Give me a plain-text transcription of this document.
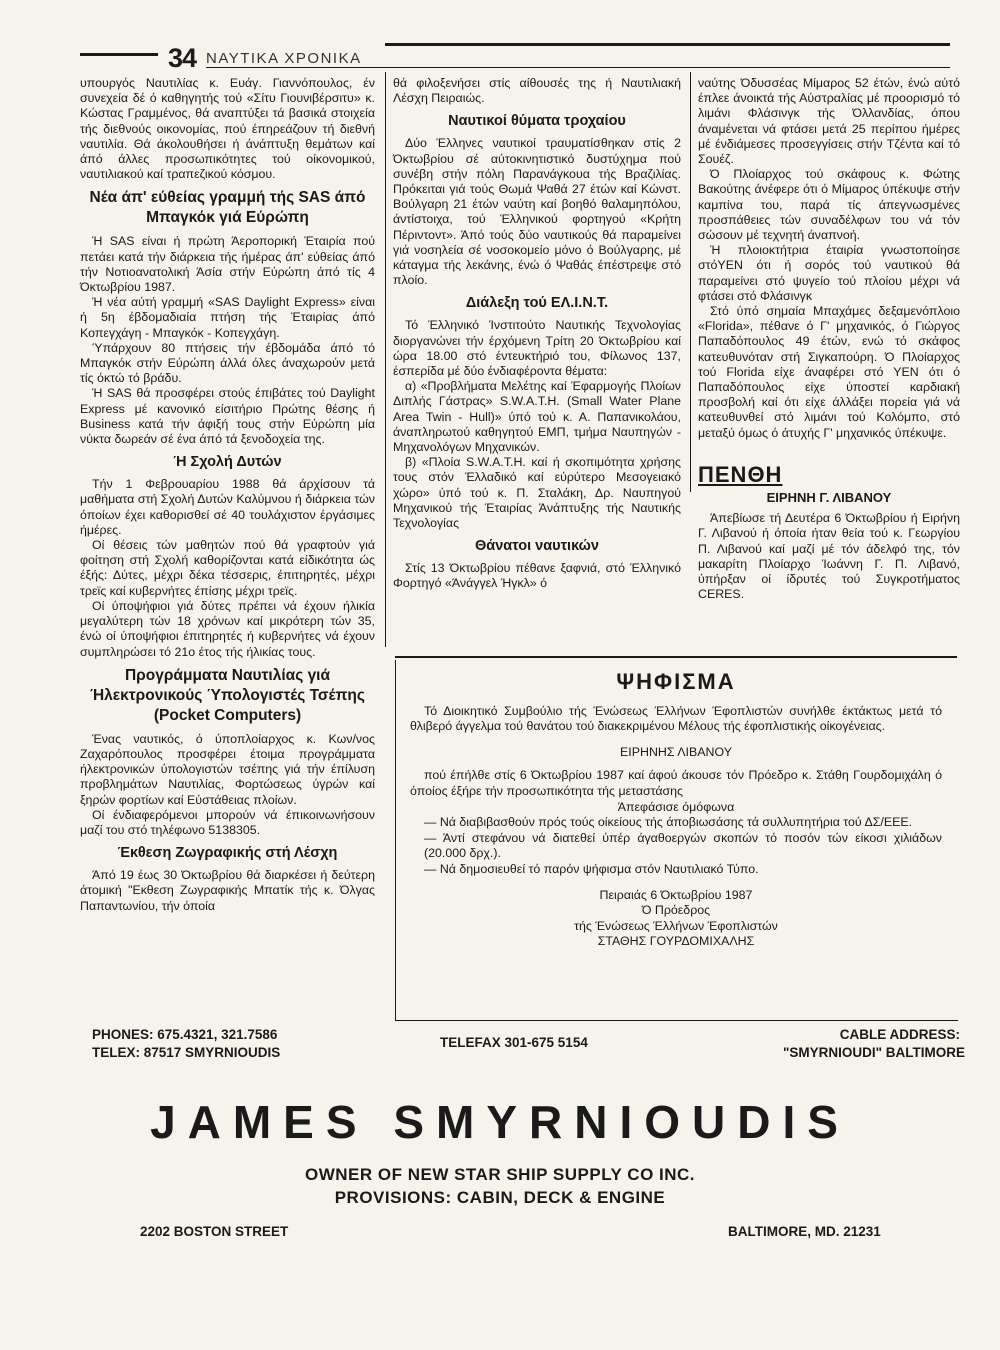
34 ΝΑΥΤΙΚΑ ΧΡΟΝΙΚΑ

υπουργός Ναυτιλίας κ. Ευάγ. Γιαννόπουλος, έν συνεχεία δέ ό καθηγητής τού «Σίτυ Γιουνιβέρσιτυ» κ. Κώστας Γραμμένος, θά αναπτύξει τά βασικά στοιχεία τής διεθνούς οικονομίας, πού έπηρεάζουν τή διεθνή ναυτιλία. Θά άκολουθήσει ή άνάπτυξη θεμάτων καί άπό άλλες προσωπικότητες τού οίκονομικού, ναυτιλιακού καί τραπεζικού κόσμου.

Νέα άπ' εύθείας γραμμή τής SAS άπό Μπαγκόκ γιά Εύρώπη

Ή SAS είναι ή πρώτη Άεροπορική Έταιρία πού πετάει κατά τήν διάρκεια τής ήμέρας άπ' εύθείας άπό τήν Νοτιοανατολική Άσία στήν Εύρώπη άπό τίς 4 Όκτωβρίου 1987.

Ή νέα αύτή γραμμή «SAS Daylight Express» είναι ή 5η έβδομαδιαία πτήση τής Έταιρίας άπό Κοπεγχάγη - Μπαγκόκ - Κοπεγχάγη.

Ύπάρχουν 80 πτήσεις τήν έβδομάδα άπό τό Μπαγκόκ στήν Εύρώπη άλλά όλες άναχωρούν μετά τίς όκτώ τό βράδυ.

Ή SAS θά προσφέρει στούς έπιβάτες τού Daylight Express μέ κανονικό είσιτήριο Πρώτης θέσης ή Business κατά τήν άφιξή τους στήν Εύρώπη μία νύκτα δωρεάν σέ ένα άπό τά ξενοδοχεία της.

Ή Σχολή Δυτών

Τήν 1 Φεβρουαρίου 1988 θά άρχίσουν τά μαθήματα στή Σχολή Δυτών Καλύμνου ή διάρκεια τών όποίων έχει καθορισθεί σέ 40 τουλάχιστον έργάσιμες ήμέρες.

Οί θέσεις τών μαθητών πού θά γραφτούν γιά φοίτηση στή Σχολή καθορίζονται κατά είδικότητα ώς έξής: Δύτες, μέχρι δέκα τέσσερις, έπιτηρητές, μέχρι τρεϊς καί κυβερνήτες έπίσης μέχρι τρεϊς.

Οί ύποψήφιοι γιά δύτες πρέπει νά έχουν ήλικία μεγαλύτερη τών 18 χρόνων καί μικρότερη τών 35, ένώ οί ύποψήφιοι έπιτηρητές ή κυβερνήτες νά έχουν συμπληρώσει τό 21ο έτος τής ήλικίας τους.

Προγράμματα Ναυτιλίας γιά Ήλεκτρονικούς Ύπολογιστές Τσέπης (Pocket Computers)

Ένας ναυτικός, ό ύποπλοίαρχος κ. Κων/νος Ζαχαρόπουλος προσφέρει έτοιμα προγράμματα ήλεκτρονικών ύπολογιστών τσέπης γιά τήν έπίλυση προβλημάτων Ναυτιλίας, Φορτώσεως ύγρών καί ξηρών φορτίων καί Εύστάθειας πλοίων.

Οί ένδιαφερόμενοι μπορούν νά έπικοινωνήσουν μαζί του στό τηλέφωνο 5138305.

Έκθεση Ζωγραφικής στή Λέσχη

Άπό 19 έως 30 Όκτωβρίου θά διαρκέσει ή δεύτερη άτομική "Εκθεση Ζωγραφικής Μπατίκ τής κ. Όλγας Παπαντωνίου, τήν όποία

θά φιλοξενήσει στίς αίθουσές της ή Ναυτιλιακή Λέσχη Πειραιώς.

Ναυτικοί θύματα τροχαίου

Δύο Έλληνες ναυτικοί τραυματίσθηκαν στίς 2 Όκτωβρίου σέ αύτοκινητιστικό δυστύχημα πού συνέβη στήν πόλη Παρανάγκουα τής Βραζιλίας. Πρόκειται γιά τούς Θωμά Ψαθά 27 έτών καί Κώνστ. Βούλγαρη 21 έτών ναύτη καί βοηθό θαλαμηπόλου, άντίστοιχα, τού Έλληνικού φορτηγού «Κρήτη Πέριντοντ». Άπό τούς δύο ναυτικούς θά παραμείνει γιά νοσηλεία σέ νοσοκομείο μόνο ό Βούλγαρης, μέ κάταγμα τής λεκάνης, ένώ ό Ψαθάς έπέστρεψε στό πλοίο.

Διάλεξη τού ΕΛ.Ι.Ν.Τ.

Τό Έλληνικό Ίνστιτούτο Ναυτικής Τεχνολογίας διοργανώνει τήν έρχόμενη Τρίτη 20 Όκτωβρίου καί ώρα 18.00 στό έντευκτήριό του, Φίλωνος 137, έσπερίδα μέ δύο ένδιαφέροντα θέματα:

α) «Προβλήματα Μελέτης καί Έφαρμογής Πλοίων Διπλής Γάστρας» S.W.A.T.H. (Small Water Plane Area Twin - Hull)» ύπό τού κ. Α. Παπανικολάου, άναπληρωτού καθηγητού ΕΜΠ, τμήμα Ναυπηγών - Μηχανολόγων Μηχανικών.

β) «Πλοία S.W.A.T.H. καί ή σκοπιμότητα χρήσης τους στόν Έλλαδικό καί εύρύτερο Μεσογειακό χώρο» ύπό τού κ. Π. Σταλάκη, Δρ. Ναυπηγού Μηχανικού τής Έταιρίας Άνάπτυξης τής Ναυτικής Τεχνολογίας

Θάνατοι ναυτικών

Στίς 13 Όκτωβρίου πέθανε ξαφνιά, στό Έλληνικό Φορτηγό «Άνάγγελ Ήγκλ» ό

ναύτης Όδυσσέας Μίμαρος 52 έτών, ένώ αύτό έπλεε άνοικτά τής Αύστραλίας μέ προορισμό τό λιμάνι Φλάσινγκ τής Όλλανδίας, όπου άναμένεται νά φτάσει μετά 25 περίπου ήμέρες μέ ένδιάμεσες προσεγγίσεις στήν Τζέντα καί τό Σουέζ.

Ό Πλοίαρχος τού σκάφους κ. Φώτης Βακούτης άνέφερε ότι ό Μίμαρος ύπέκυψε στήν καμπίνα του, παρά τίς άπεγνωσμένες προσπάθειες τών συναδέλφων του νά τόν σώσουν μέ τεχνητή άναπνοή.

Ή πλοιοκτήτρια έταιρία γνωστοποίησε στόΥΕΝ ότι ή σορός τού ναυτικού θά παραμείνει στό ψυγείο τού πλοίου μέχρι νά φτάσει στό Φλάσινγκ

Στό ύπό σημαία Μπαχάμες δεξαμενόπλοιο «Florida», πέθανε ό Γ' μηχανικός, ό Γιώργος Παπαδόπουλος 49 έτών, ενώ τό σκάφος κατευθυνόταν στή Σιγκαπούρη. Ό Πλοίαρχος τού Florida είχε άναφέρει στό ΥΕΝ ότι ό Παπαδόπουλος είχε ύποστεί καρδιακή προσβολή καί ότι είχε άλλάξει πορεία γιά νά κατευθυνθεί στό λιμάνι τού Κολόμπο, στό μεταξύ όμως ό άτυχής Γ' μηχανικός ύπέκυψε.

ΠΕΝΘΗ
ΕΙΡΗΝΗ Γ. ΛΙΒΑΝΟΥ

Άπεβίωσε τή Δευτέρα 6 Όκτωβρίου ή Ειρήνη Γ. Λιβανού ή όποία ήταν θεία τού κ. Γεωργίου Π. Λιβανού καί μαζί μέ τόν άδελφό της, τόν μακαρίτη Πλοίαρχο Ίωάννη Γ. Π. Λιβανό, ύπήρξαν οί ίδρυτές τού Συγκροτήματος CERES.

ΨΗΦΙΣΜΑ

Τό Διοικητικό Συμβούλιο τής Ένώσεως Έλλήνων Έφοπλιστών συνήλθε έκτάκτως μετά τό θλιβερό άγγελμα τού θανάτου τού διακεκριμένου Μέλους τής έφοπλιστικής οίκογένειας.

ΕΙΡΗΝΗΣ ΛΙΒΑΝΟΥ

πού έπήλθε στίς 6 Όκτωβρίου 1987 καί άφού άκουσε τόν Πρόεδρο κ. Στάθη Γουρδομιχάλη ό όποίος έξήρε τήν προσωπικότητα τής μεταστάσης

Άπεφάσισε όμόφωνα

— Νά διαβιβασθούν πρός τούς οίκείους τής άποβιωσάσης τά συλλυπητήρια τού ΔΣ/ΕΕΕ.

— Άντί στεφάνου νά διατεθεί ύπέρ άγαθοεργών σκοπών τό ποσόν τών είκοσι χιλιάδων (20.000 δρχ.).

— Νά δημοσιευθεί τό παρόν ψήφισμα στόν Ναυτιλιακό Τύπο.

Πειραιάς 6 Όκτωβρίου 1987

Ό Πρόεδρος

τής Ένώσεως Έλλήνων Έφοπλιστών

ΣΤΑΘΗΣ ΓΟΥΡΔΟΜΙΧΑΛΗΣ

PHONES: 675.4321, 321.7586
TELEX: 87517 SMYRNIOUDIS
TELEFAX 301-675 5154
CABLE ADDRESS:
"SMYRNIOUDI" BALTIMORE
JAMES SMYRNIOUDIS
OWNER OF NEW STAR SHIP SUPPLY CO INC.
PROVISIONS: CABIN, DECK & ENGINE
2202 BOSTON STREET	BALTIMORE, MD. 21231
